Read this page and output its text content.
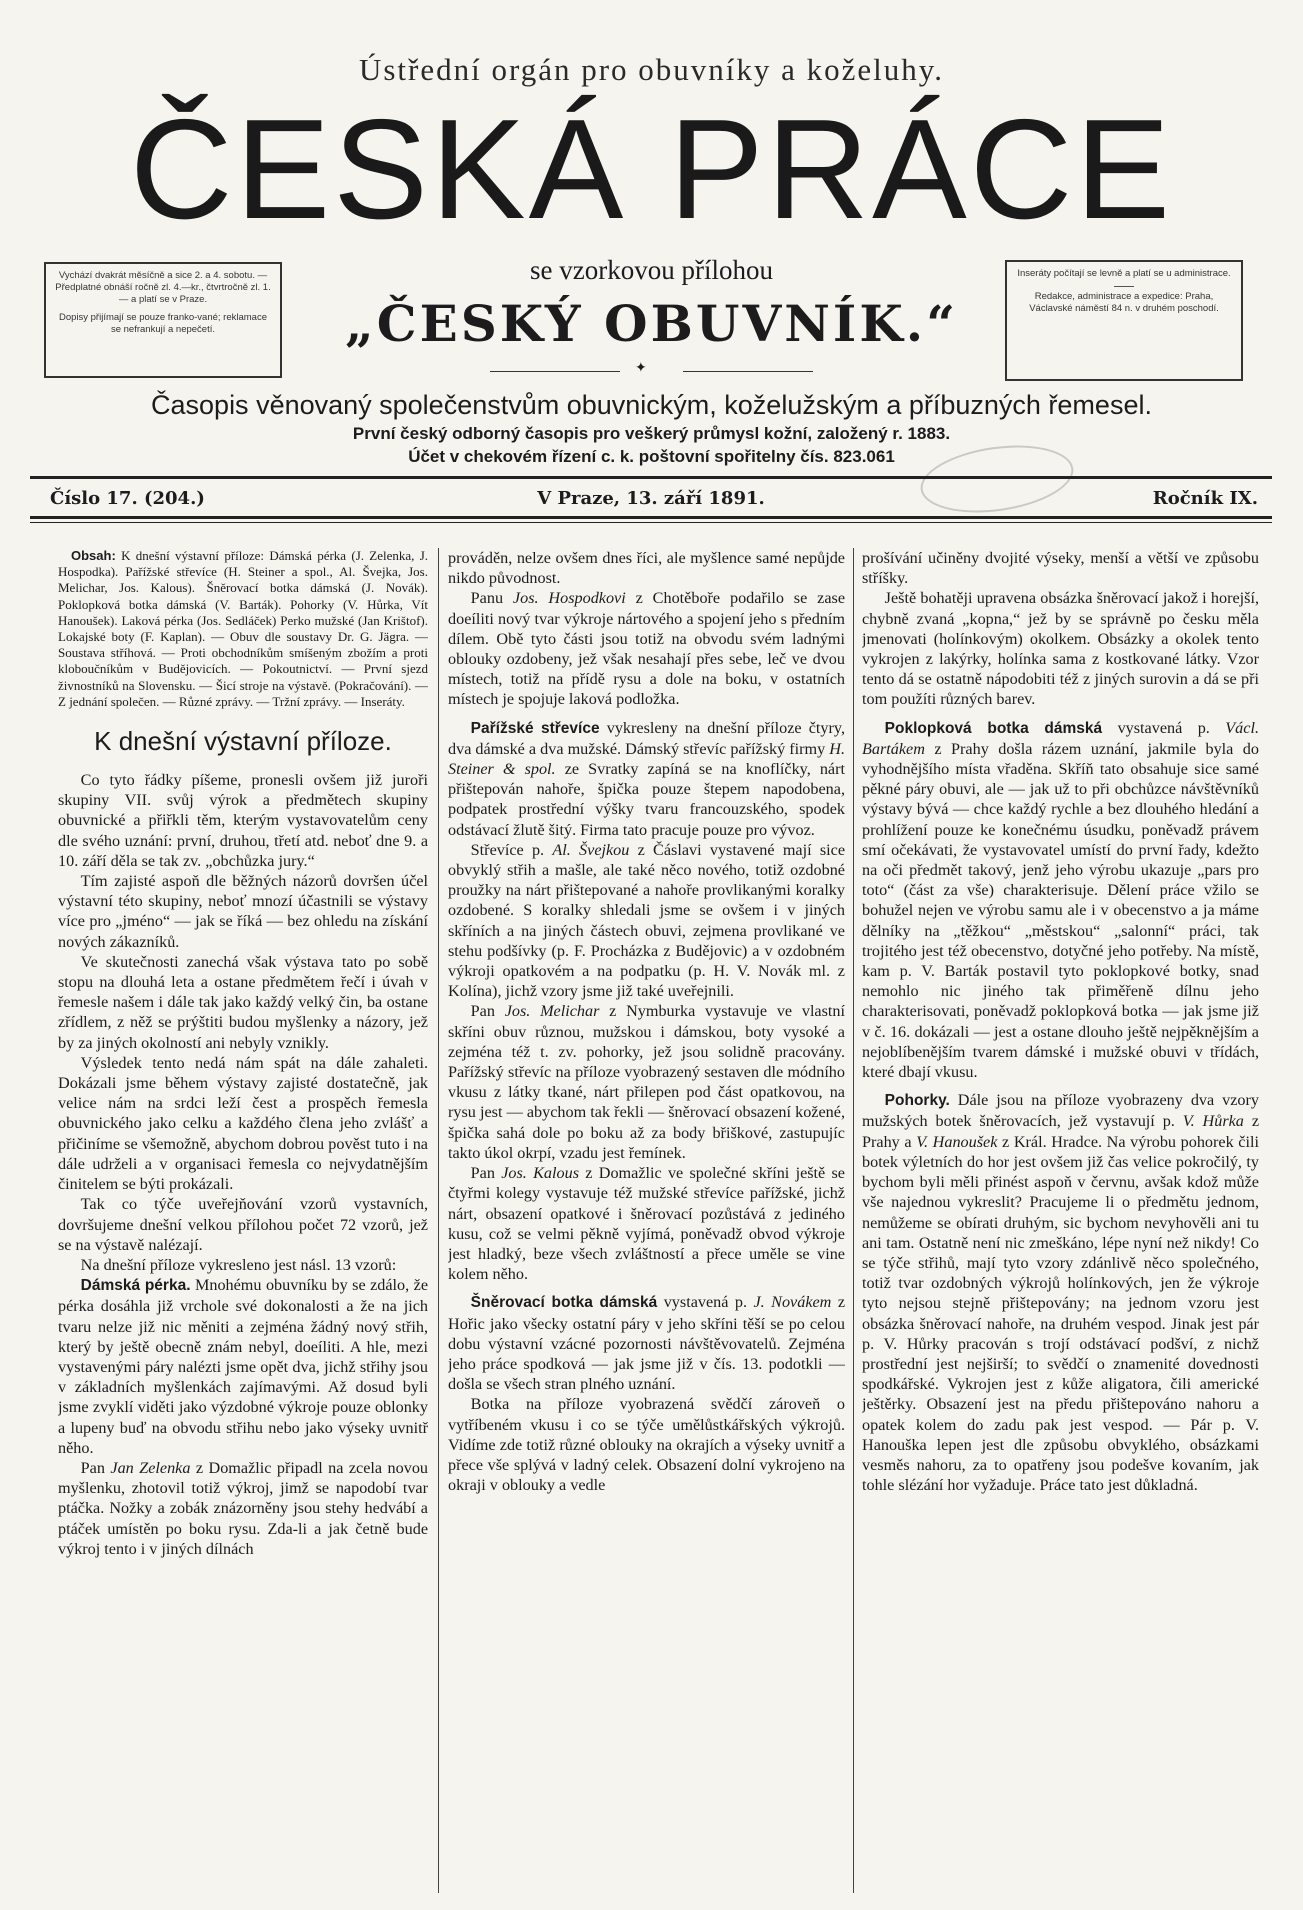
Ústřední orgán pro obuvníky a koželuhy.
ČESKÁ PRÁCE

Vychází dvakrát měsíčně a sice 2. a 4. sobotu. — Předplatné obnáší ročně zl. 4.—kr., čtvrtročně zl. 1.— a platí se v Praze.

Dopisy přijímají se pouze franko-vané; reklamace se nefrankují a nepečetí.

se vzorkovou přílohou
„ČESKÝ OBUVNÍK.“
✦

Inseráty počítají se levně a platí se u administrace.

Redakce, administrace a expedice: Praha, Václavské náměstí 84 n. v druhém poschodí.

Časopis věnovaný společenstvům obuvnickým, koželužským a příbuzných řemesel.
První český odborný časopis pro veškerý průmysl kožní, založený r. 1883.
Účet v chekovém řízení c. k. poštovní spořitelny čís. 823.061
Číslo 17. (204.)	V Praze, 13. září 1891.	Ročník IX.

Obsah: K dnešní výstavní příloze: Dámská pérka (J. Zelenka, J. Hospodka). Pařížské střevíce (H. Steiner a spol., Al. Švejka, Jos. Melichar, Jos. Kalous). Šněrovací botka dámská (J. Novák). Poklopková botka dámská (V. Barták). Pohorky (V. Hůrka, Vít Hanoušek). Laková pérka (Jos. Sedláček) Perko mužské (Jan Krištof). Lokajské boty (F. Kaplan). — Obuv dle soustavy Dr. G. Jägra. — Soustava stříhová. — Proti obchodníkům smíšeným zbožím a proti kloboučníkům v Budějovicích. — Pokoutnictví. — První sjezd živnostníků na Slovensku. — Šicí stroje na výstavě. (Pokračování). — Z jednání společen. — Různé zprávy. — Tržní zprávy. — Inseráty.

K dnešní výstavní příloze.

Co tyto řádky píšeme, pronesli ovšem již juroři skupiny VII. svůj výrok a předmětech skupiny obuvnické a přiřkli těm, kterým vystavovatelům ceny dle svého uznání: první, druhou, třetí atd. neboť dne 9. a 10. září děla se tak zv. „obchůzka jury.“

Tím zajisté aspoň dle běžných názorů dovršen účel výstavní této skupiny, neboť mnozí účastnili se výstavy více pro „jméno“ — jak se říká — bez ohledu na získání nových zákazníků.

Ve skutečnosti zanechá však výstava tato po sobě stopu na dlouhá leta a ostane předmětem řečí i úvah v řemesle našem i dále tak jako každý velký čin, ba ostane zřídlem, z něž se prýštiti budou myšlenky a názory, jež by za jiných okolností ani nebyly vznikly.

Výsledek tento nedá nám spát na dále zahaleti. Dokázali jsme během výstavy zajisté dostatečně, jak velice nám na srdci leží čest a prospěch řemesla obuvnického jako celku a každého člena jeho zvlášť a přičiníme se všemožně, abychom dobrou pověst tuto i na dále udrželi a v organisaci řemesla co nejvydatnějším činitelem se býti prokázali.

Tak co týče uveřejňování vzorů vystavních, dovršujeme dnešní velkou přílohou počet 72 vzorů, jež se na výstavě nalézají.

Na dnešní příloze vykresleno jest násl. 13 vzorů:

Dámská pérka. Mnohému obuvníku by se zdálo, že pérka dosáhla již vrchole své dokonalosti a že na jich tvaru nelze již nic měniti a zejména žádný nový střih, který by ještě obecně znám nebyl, doeíliti. A hle, mezi vystavenými páry nalézti jsme opět dva, jichž střihy jsou v základních myšlenkách zajímavými. Až dosud byli jsme zvyklí viděti jako výzdobné výkroje pouze oblonky a lupeny buď na obvodu střihu nebo jako výseky uvnitř něho.

Pan Jan Zelenka z Domažlic připadl na zcela novou myšlenku, zhotovil totiž výkroj, jimž se napodobí tvar ptáčka. Nožky a zobák znázorněny jsou stehy hedvábí a ptáček umístěn po boku rysu. Zda-li a jak četně bude výkroj tento i v jiných dílnách

prováděn, nelze ovšem dnes říci, ale myšlence samé nepůjde nikdo původnost.

Panu Jos. Hospodkovi z Chotěboře podařilo se zase doeíliti nový tvar výkroje nártového a spojení jeho s předním dílem. Obě tyto části jsou totiž na obvodu svém ladnými oblouky ozdobeny, jež však nesahají přes sebe, leč ve dvou místech, totiž na přídě rysu a dole na boku, v ostatních místech je spojuje laková podložka.

Pařížské střevíce vykresleny na dnešní příloze čtyry, dva dámské a dva mužské. Dámský střevíc pařížský firmy H. Steiner & spol. ze Svratky zapíná se na knoflíčky, nárt přištepován nahoře, špička pouze štepem napodobena, podpatek prostřední výšky tvaru francouzského, spodek odstávací žlutě šitý. Firma tato pracuje pouze pro vývoz.

Střevíce p. Al. Švejkou z Čáslavi vystavené mají sice obvyklý střih a mašle, ale také něco nového, totiž ozdobné proužky na nárt přištepované a nahoře provlikanými koralky ozdobené. S koralky shledali jsme se ovšem i v jiných skříních a na jiných částech obuvi, zejmena provlikané ve stehu podšívky (p. F. Procházka z Budějovic) a v ozdobném výkroji opatkovém a na podpatku (p. H. V. Novák ml. z Kolína), jichž vzory jsme již také uveřejnili.

Pan Jos. Melichar z Nymburka vystavuje ve vlastní skříni obuv různou, mužskou i dámskou, boty vysoké a zejména též t. zv. pohorky, jež jsou solidně pracovány. Pařížský střevíc na příloze vyobrazený sestaven dle módního vkusu z látky tkané, nárt přilepen pod část opatkovou, na rysu jest — abychom tak řekli — šněrovací obsazení kožené, špička sahá dole po boku až za body břiškové, zastupujíc takto úkol okrpí, vzadu jest řemínek.

Pan Jos. Kalous z Domažlic ve společné skříni ještě se čtyřmi kolegy vystavuje též mužské střevíce pařížské, jichž nárt, obsazení opatkové i šněrovací pozůstává z jediného kusu, což se velmi pěkně vyjímá, poněvadž obvod výkroje jest hladký, beze všech zvláštností a přece uměle se vine kolem něho.

Šněrovací botka dámská vystavená p. J. Novákem z Hořic jako všecky ostatní páry v jeho skříni těší se po celou dobu výstavní vzácné pozornosti návštěvovatelů. Zejména jeho práce spodková — jak jsme již v čís. 13. podotkli — došla se všech stran plného uznání.

Botka na příloze vyobrazená svědčí zároveň o vytříbeném vkusu i co se týče umělůstkářských výkrojů. Vidíme zde totiž různé oblouky na okrajích a výseky uvnitř a přece vše splývá v ladný celek. Obsazení dolní vykrojeno na okraji v oblouky a vedle

prošívání učiněny dvojité výseky, menší a větší ve způsobu stříšky.

Ještě bohatěji upravena obsázka šněrovací jakož i horejší, chybně zvaná „kopna,“ jež by se správně po česku měla jmenovati (holínkovým) okolkem. Obsázky a okolek tento vykrojen z lakýrky, holínka sama z kostkované látky. Vzor tento dá se ostatně nápodobiti též z jiných surovin a dá se při tom použíti různých barev.

Poklopková botka dámská vystavená p. Václ. Bartákem z Prahy došla rázem uznání, jakmile byla do vyhodnějšího místa vřaděna. Skříň tato obsahuje sice samé pěkné páry obuvi, ale — jak už to při obchůzce návštěvníků výstavy bývá — chce každý rychle a bez dlouhého hledání a prohlížení pouze ke konečnému úsudku, poněvadž právem smí očekávati, že vystavovatel umístí do první řady, kdežto na oči předmět takový, jenž jeho výrobu ukazuje „pars pro toto“ (část za vše) charakterisuje. Dělení práce vžilo se bohužel nejen ve výrobu samu ale i v obecenstvo a ja máme dělníky na „těžkou“ „městskou“ „salonní“ práci, tak trojitého jest též obecenstvo, dotyčné jeho potřeby. Na místě, kam p. V. Barták postavil tyto poklopkové botky, snad nemohlo nic jiného tak přiměřeně dílnu jeho charakterisovati, poněvadž poklopková botka — jak jsme již v č. 16. dokázali — jest a ostane dlouho ještě nejpěknějším a nejoblíbenějším tvarem dámské i mužské obuvi v třídách, které dbají vkusu.

Pohorky. Dále jsou na příloze vyobrazeny dva vzory mužských botek šněrovacích, jež vystavují p. V. Hůrka z Prahy a V. Hanoušek z Král. Hradce. Na výrobu pohorek čili botek výletních do hor jest ovšem již čas velice pokročilý, ty bychom byli měli přinést aspoň v červnu, avšak kdož může vše najednou vykreslit? Pracujeme li o předmětu jednom, nemůžeme se obírati druhým, sic bychom nevyhověli ani tu ani tam. Ostatně není nic zmeškáno, lépe nyní než nikdy! Co se týče střihů, mají tyto vzory zdánlivě něco společného, totiž tvar ozdobných výkrojů holínkových, jen že výkroje tyto nejsou stejně přištepovány; na jednom vzoru jest obsázka šněrovací nahoře, na druhém vespod. Jinak jest pár p. V. Hůrky pracován s trojí odstávací podšví, z nichž prostřední jest nejširší; to svědčí o znamenité dovednosti spodkářské. Vykrojen jest z kůže aligatora, čili americké ještěrky. Obsazení jest na předu přištepováno nahoru a opatek kolem do zadu pak jest vespod. — Pár p. V. Hanouška lepen jest dle způsobu obvyklého, obsázkami vesměs nahoru, za to opatřeny jsou podešve kovaním, jak tohle slézání hor vyžaduje. Práce tato jest důkladná.
